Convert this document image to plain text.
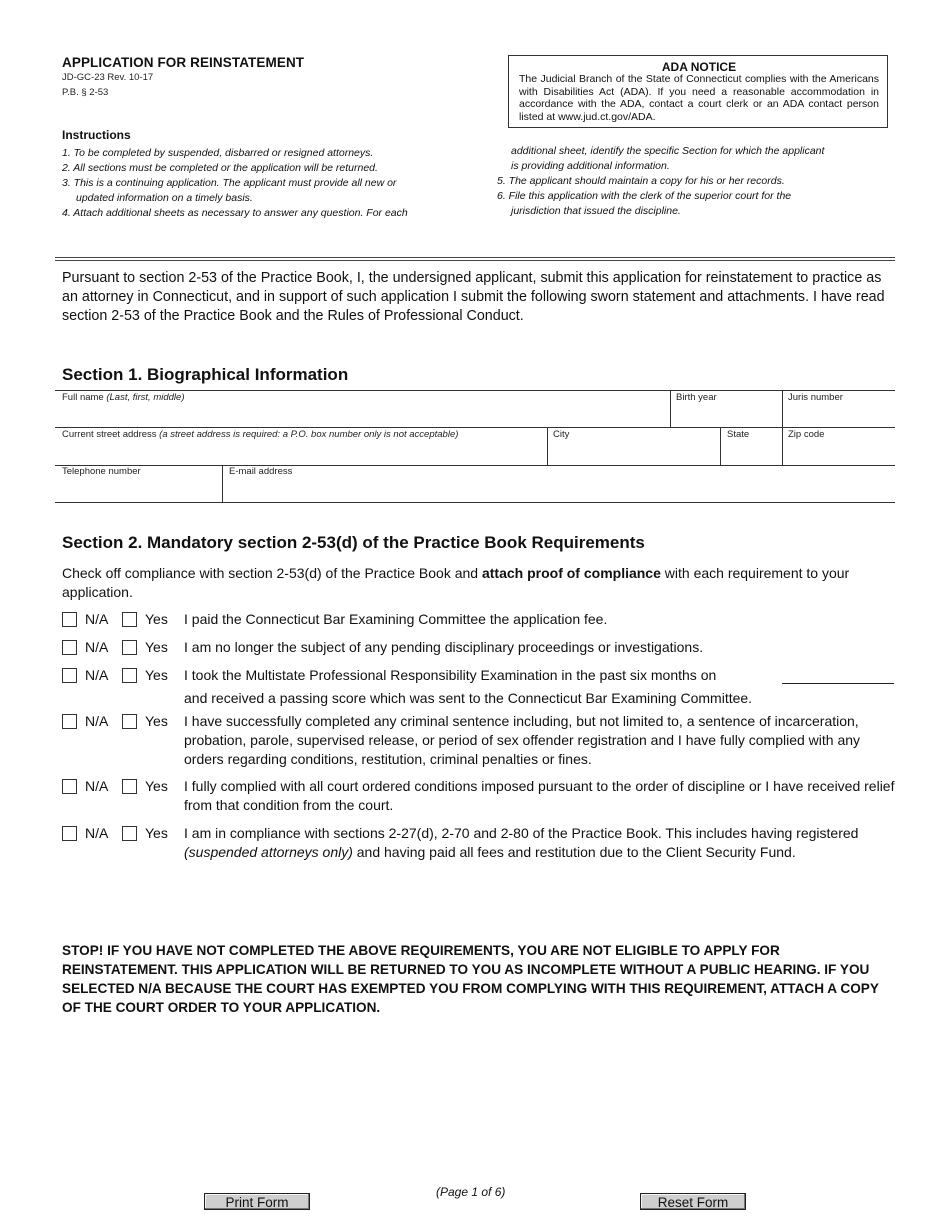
APPLICATION FOR REINSTATEMENT
JD-GC-23 Rev. 10-17
P.B. § 2-53
ADA NOTICE
The Judicial Branch of the State of Connecticut complies with the Americans with Disabilities Act (ADA). If you need a reasonable accommodation in accordance with the ADA, contact a court clerk or an ADA contact person listed at www.jud.ct.gov/ADA.
Instructions
1. To be completed by suspended, disbarred or resigned attorneys.
2. All sections must be completed or the application will be returned.
3. This is a continuing application. The applicant must provide all new or
updated information on a timely basis.
4. Attach additional sheets as necessary to answer any question. For each
additional sheet, identify the specific Section for which the applicant
is providing additional information.
5. The applicant should maintain a copy for his or her records.
6. File this application with the clerk of the superior court for the
jurisdiction that issued the discipline.
Pursuant to section 2-53 of the Practice Book, I, the undersigned applicant, submit this application for reinstatement to practice as an attorney in Connecticut, and in support of such application I submit the following sworn statement and attachments. I have read section 2-53 of the Practice Book and the Rules of Professional Conduct.
Section 1. Biographical Information
Full name (Last, first, middle)	Birth year	Juris number
Current street address (a street address is required: a P.O. box number only is not acceptable)	City	State	Zip code
Telephone number	E-mail address
Section 2. Mandatory section 2-53(d) of the Practice Book Requirements
Check off compliance with section 2-53(d) of the Practice Book and attach proof of compliance with each requirement to your application.
N/A	Yes I paid the Connecticut Bar Examining Committee the application fee.
N/A	Yes I am no longer the subject of any pending disciplinary proceedings or investigations.
N/A	Yes I took the Multistate Professional Responsibility Examination in the past six months on
and received a passing score which was sent to the Connecticut Bar Examining Committee.
N/A	Yes I have successfully completed any criminal sentence including, but not limited to, a sentence of incarceration, probation, parole, supervised release, or period of sex offender registration and I have fully complied with any orders regarding conditions, restitution, criminal penalties or fines.
N/A	Yes I fully complied with all court ordered conditions imposed pursuant to the order of discipline or I have received relief from that condition from the court.
N/A	Yes I am in compliance with sections 2-27(d), 2-70 and 2-80 of the Practice Book. This includes having registered (suspended attorneys only) and having paid all fees and restitution due to the Client Security Fund.
STOP! IF YOU HAVE NOT COMPLETED THE ABOVE REQUIREMENTS, YOU ARE NOT ELIGIBLE TO APPLY FOR REINSTATEMENT. THIS APPLICATION WILL BE RETURNED TO YOU AS INCOMPLETE WITHOUT A PUBLIC HEARING. IF YOU SELECTED N/A BECAUSE THE COURT HAS EXEMPTED YOU FROM COMPLYING WITH THIS REQUIREMENT, ATTACH A COPY OF THE COURT ORDER TO YOUR APPLICATION.
Print Form
(Page 1 of 6)
Reset Form
